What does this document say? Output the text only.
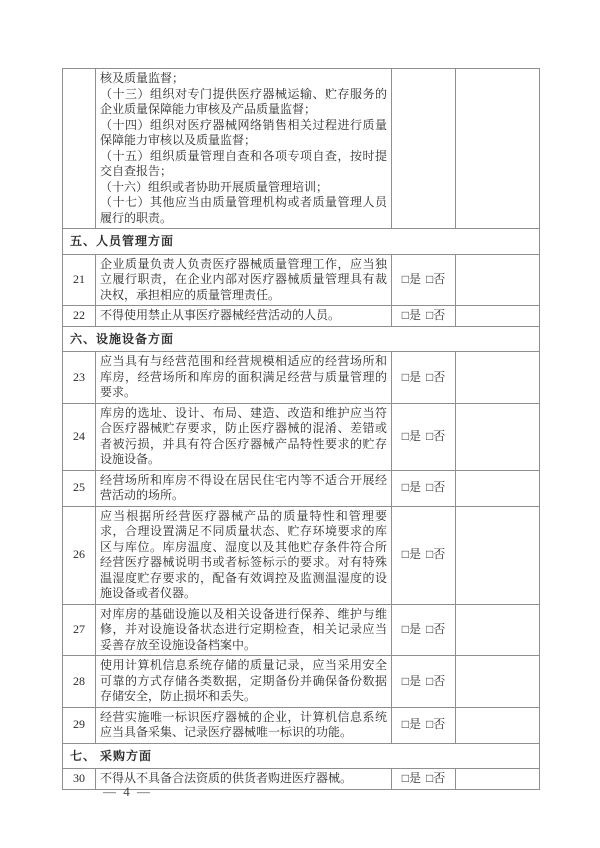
核及质量监督；
（十三）组织对专门提供医疗器械运输、贮存服务的企业质量保障能力审核及产品质量监督；
（十四）组织对医疗器械网络销售相关过程进行质量保障能力审核以及质量监督；
（十五）组织质量管理自查和各项专项自查，按时提交自查报告；
（十六）组织或者协助开展质量管理培训；
（十七）其他应当由质量管理机构或者质量管理人员履行的职责。

五、人员管理方面			
21	企业质量负责人负责医疗器械质量管理工作，应当独立履行职责，在企业内部对医疗器械质量管理具有裁决权，承担相应的质量管理责任。	□是 □否	
22	不得使用禁止从事医疗器械经营活动的人员。	□是 □否	
六、设施设备方面			
23	应当具有与经营范围和经营规模相适应的经营场所和库房，经营场所和库房的面积满足经营与质量管理的要求。	□是 □否	
24	库房的选址、设计、布局、建造、改造和维护应当符合医疗器械贮存要求，防止医疗器械的混淆、差错或者被污损，并具有符合医疗器械产品特性要求的贮存设施设备。	□是 □否	
25	经营场所和库房不得设在居民住宅内等不适合开展经营活动的场所。	□是 □否	
26	应当根据所经营医疗器械产品的质量特性和管理要求，合理设置满足不同质量状态、贮存环境要求的库区与库位。库房温度、湿度以及其他贮存条件符合所经营医疗器械说明书或者标签标示的要求。对有特殊温湿度贮存要求的，配备有效调控及监测温湿度的设施设备或者仪器。	□是 □否	
27	对库房的基础设施以及相关设备进行保养、维护与维修，并对设施设备状态进行定期检查，相关记录应当妥善存放至设施设备档案中。	□是 □否	
28	使用计算机信息系统存储的质量记录，应当采用安全可靠的方式存储各类数据，定期备份并确保备份数据存储安全，防止损坏和丢失。	□是 □否	
29	经营实施唯一标识医疗器械的企业，计算机信息系统应当具备采集、记录医疗器械唯一标识的功能。	□是 □否	
七、 采购方面			
30	不得从不具备合法资质的供货者购进医疗器械。	□是 □否	
— 4 —
